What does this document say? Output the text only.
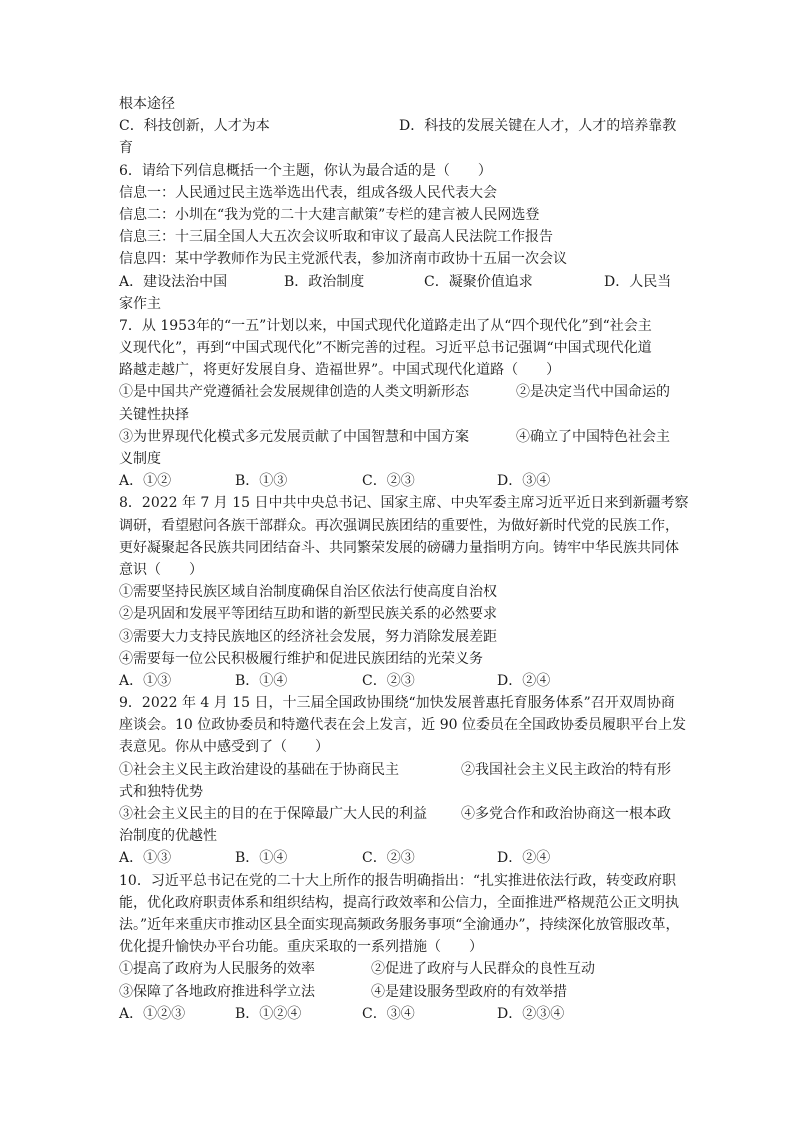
根本途径
C．科技创新，人才为本	D．科技的发展关键在人才，人才的培养靠教
育
6．请给下列信息概括一个主题，你认为最合适的是（　　）
信息一：人民通过民主选举选出代表，组成各级人民代表大会
信息二：小圳在“我为党的二十大建言献策”专栏的建言被人民网选登
信息三：十三届全国人大五次会议听取和审议了最高人民法院工作报告
信息四：某中学教师作为民主党派代表，参加济南市政协十五届一次会议
A．建设法治中国	B．政治制度	C．凝聚价值追求	D．人民当
家作主
7．从 1953年的“一五”计划以来，中国式现代化道路走出了从“四个现代化”到“社会主
义现代化”，再到“中国式现代化”不断完善的过程。习近平总书记强调“中国式现代化道
路越走越广，将更好发展自身、造福世界”。中国式现代化道路（　　）
①是中国共产党遵循社会发展规律创造的人类文明新形态	②是决定当代中国命运的
关键性抉择
③为世界现代化模式多元发展贡献了中国智慧和中国方案	④确立了中国特色社会主
义制度
A．①②	B．①③	C．②③	D．③④
8．2022 年 7 月 15 日中共中央总书记、国家主席、中央军委主席习近平近日来到新疆考察
调研，看望慰问各族干部群众。再次强调民族团结的重要性，为做好新时代党的民族工作，
更好凝聚起各民族共同团结奋斗、共同繁荣发展的磅礴力量指明方向。铸牢中华民族共同体
意识（　　）
①需要坚持民族区域自治制度确保自治区依法行使高度自治权
②是巩固和发展平等团结互助和谐的新型民族关系的必然要求
③需要大力支持民族地区的经济社会发展，努力消除发展差距
④需要每一位公民积极履行维护和促进民族团结的光荣义务
A．①③	B．①④	C．②③	D．②④
9．2022 年 4 月 15 日，十三届全国政协围绕“加快发展普惠托育服务体系”召开双周协商
座谈会。10 位政协委员和特邀代表在会上发言，近 90 位委员在全国政协委员履职平台上发
表意见。你从中感受到了（　　）
①社会主义民主政治建设的基础在于协商民主	②我国社会主义民主政治的特有形
式和独特优势
③社会主义民主的目的在于保障最广大人民的利益	④多党合作和政治协商这一根本政
治制度的优越性
A．①③	B．①④	C．②③	D．②④
10．习近平总书记在党的二十大上所作的报告明确指出：“扎实推进依法行政，转变政府职
能，优化政府职责体系和组织结构，提高行政效率和公信力，全面推进严格规范公正文明执
法。”近年来重庆市推动区县全面实现高频政务服务事项“全渝通办”，持续深化放管服改革，
优化提升愉快办平台功能。重庆采取的一系列措施（　　）
①提高了政府为人民服务的效率	②促进了政府与人民群众的良性互动
③保障了各地政府推进科学立法	④是建设服务型政府的有效举措
A．①②③	B．①②④	C．③④	D．②③④
